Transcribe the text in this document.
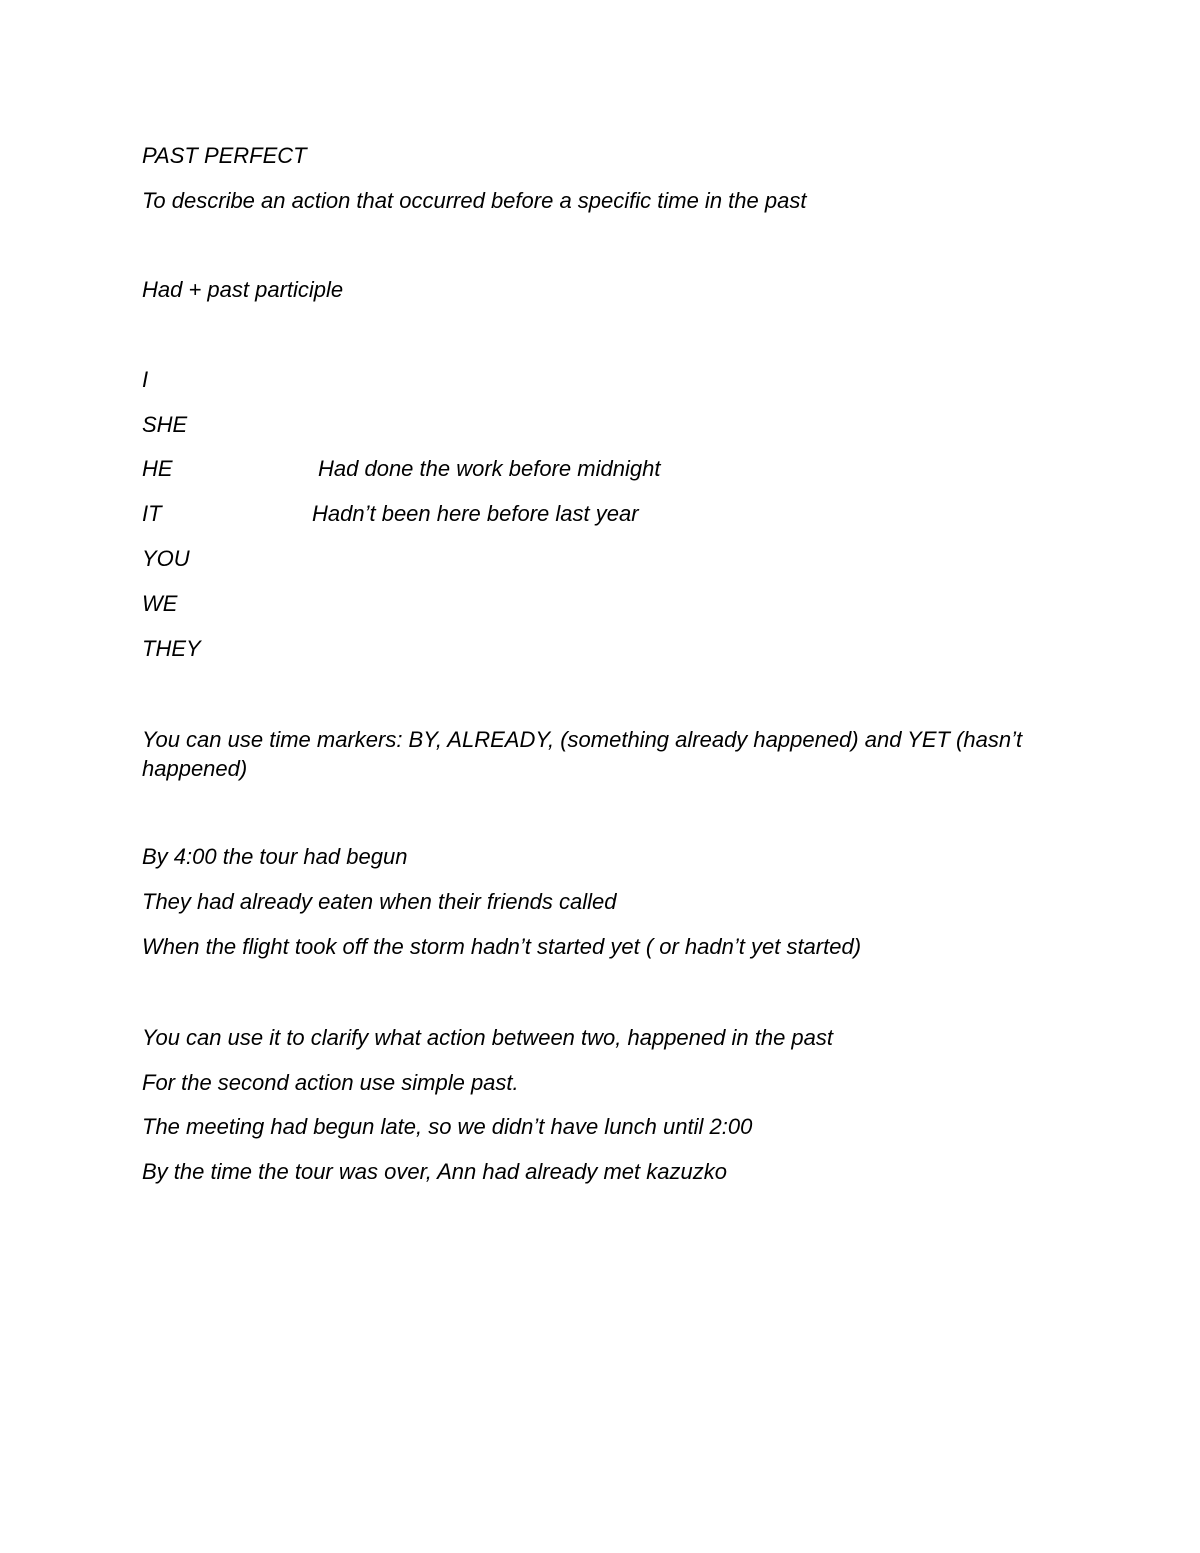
PAST PERFECT

To describe an action that occurred before a specific time in the past

Had + past participle

I

SHE

HE	Had done the work before midnight

IT	Hadn’t been here before last year

YOU

WE

THEY

You can use time markers: BY, ALREADY, (something already happened) and YET (hasn’t happened)

By 4:00 the tour had begun

They had already eaten when their friends called

When the flight took off the storm hadn’t started yet ( or hadn’t yet started)

You can use it to clarify what action between two, happened in the past

For the second action use simple past.

The meeting had begun late, so we didn’t have lunch until 2:00

By the time the tour was over, Ann had already met kazuzko
